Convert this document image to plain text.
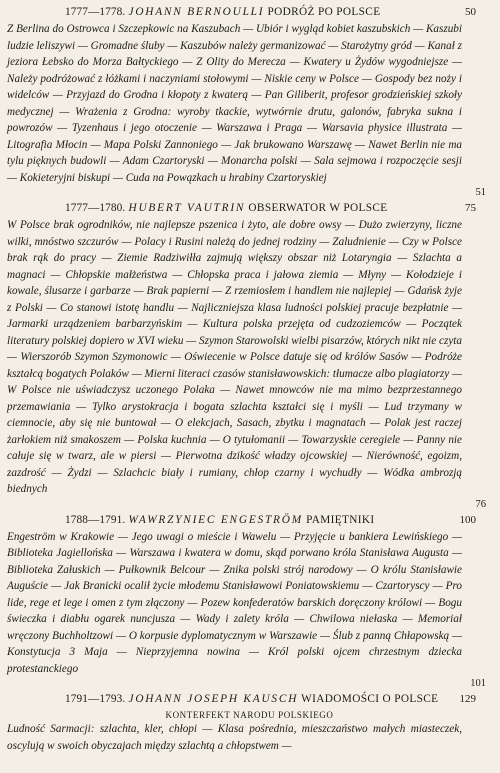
1777—1778. JOHANN BERNOULLI PODRÓŻ PO POLSCE	50

Z Berlina do Ostrowca i Szczepkowic na Kaszubach — Ubiór i wygląd kobiet kaszubskich — Kaszubi ludzie leliszywi — Gromadne śluby — Kaszubów należy germanizować — Starożytny gród — Kanał z jeziora Łebsko do Morza Bałtyckiego — Z Olity do Merecza — Kwatery u Żydów wygodniejsze — Należy podróżować z łóżkami i naczyniami stołowymi — Niskie ceny w Polsce — Gospody bez noży i widelców — Przyjazd do Grodna i kłopoty z kwaterą — Pan Giliberit, profesor grodzieńskiej szkoły medycznej — Wrażenia z Grodna: wyroby tkackie, wytwórnie drutu, galonów, fabryka sukna i powrozów — Tyzenhaus i jego otoczenie — Warszawa i Praga — Warsavia physice illustrata — Litografia Młocin — Mapa Polski Zannoniego — Jak brukowano Warszawę — Nawet Berlin nie ma tylu pięknych budowli — Adam Czartoryski — Monarcha polski — Sala sejmowa i rozpoczęcie sesji — Kokieteryjni biskupi — Cuda na Powązkach u hrabiny Czartoryskiej

51
1777—1780. HUBERT VAUTRIN OBSERWATOR W POLSCE	75

W Polsce brak ogrodników, nie najlepsze pszenica i żyto, ale dobre owsy — Dużo zwierzyny, liczne wilki, mnóstwo szczurów — Polacy i Rusini należą do jednej rodziny — Zaludnienie — Czy w Polsce brak rąk do pracy — Ziemie Radziwiłła zajmują większy obszar niż Lotaryngia — Szlachta a magnaci — Chłopskie małżeństwa — Chłopska praca i jałowa ziemia — Młyny — Kołodzieje i kowale, ślusarze i garbarze — Brak papierni — Z rzemiosłem i handlem nie najlepiej — Gdańsk żyje z Polski — Co stanowi istotę handlu — Najliczniejsza klasa ludności polskiej pracuje bezpłatnie — Jarmarki urządzeniem barbarzyńskim — Kultura polska przejęta od cudzoziemców — Początek literatury polskiej dopiero w XVI wieku — Szymon Starowolski wielbi pisarzów, których nikt nie czyta — Wierszorób Szymon Szymonowic — Oświecenie w Polsce datuje się od królów Sasów — Podróże kształcą bogatych Polaków — Mierni literaci czasów stanisławowskich: tłumacze albo plagiatorzy — W Polsce nie uświadczysz uczonego Polaka — Nawet mnowców nie ma mimo bezprzestannego przemawiania — Tylko arystokracja i bogata szlachta kształci się i myśli — Lud trzymany w ciemnocie, aby się nie buntował — O elekcjach, Sasach, zbytku i magnatach — Polak jest raczej żarłokiem niż smakoszem — Polska kuchnia — O tytułomanii — Towarzyskie ceregiele — Panny nie całuje się w twarz, ale w piersi — Pierwotna dzikość władzy ojcowskiej — Nierówność, egoizm, zazdrość — Żydzi — Szlachcic biały i rumiany, chłop czarny i wychudły — Wódka ambrozją biednych

76
1788—1791. WAWRZYNIEC ENGESTRÖM PAMIĘTNIKI	100

Engeström w Krakowie — Jego uwagi o mieście i Wawelu — Przyjęcie u bankiera Lewińskiego — Biblioteka Jagiellońska — Warszawa i kwatera w domu, skąd porwano króla Stanisława Augusta — Biblioteka Załuskich — Pułkownik Belcour — Znika polski strój narodowy — O królu Stanisławie Auguście — Jak Branicki ocalił życie młodemu Stanisławowi Poniatowskiemu — Czartoryscy — Pro lide, rege et lege i omen z tym złączony — Pozew konfederatów barskich doręczony królowi — Bogu świeczka i diabłu ogarek nuncjusza — Wady i zalety króla — Chwilowa niełaska — Memoriał wręczony Buchholtzowi — O korpusie dyplomatycznym w Warszawie — Ślub z panną Chłapowską — Konstytucja 3 Maja — Nieprzyjemna nowina — Król polski ojcem chrzestnym dziecka protestanckiego

101
1791—1793. JOHANN JOSEPH KAUSCH WIADOMOŚCI O POLSCE 129
KONTERFEKT NARODU POLSKIEGO

Ludność Sarmacji: szlachta, kler, chłopi — Klasa pośrednia, mieszczaństwo małych miasteczek, oscylują w swoich obyczajach między szlachtą a chłopstwem —
